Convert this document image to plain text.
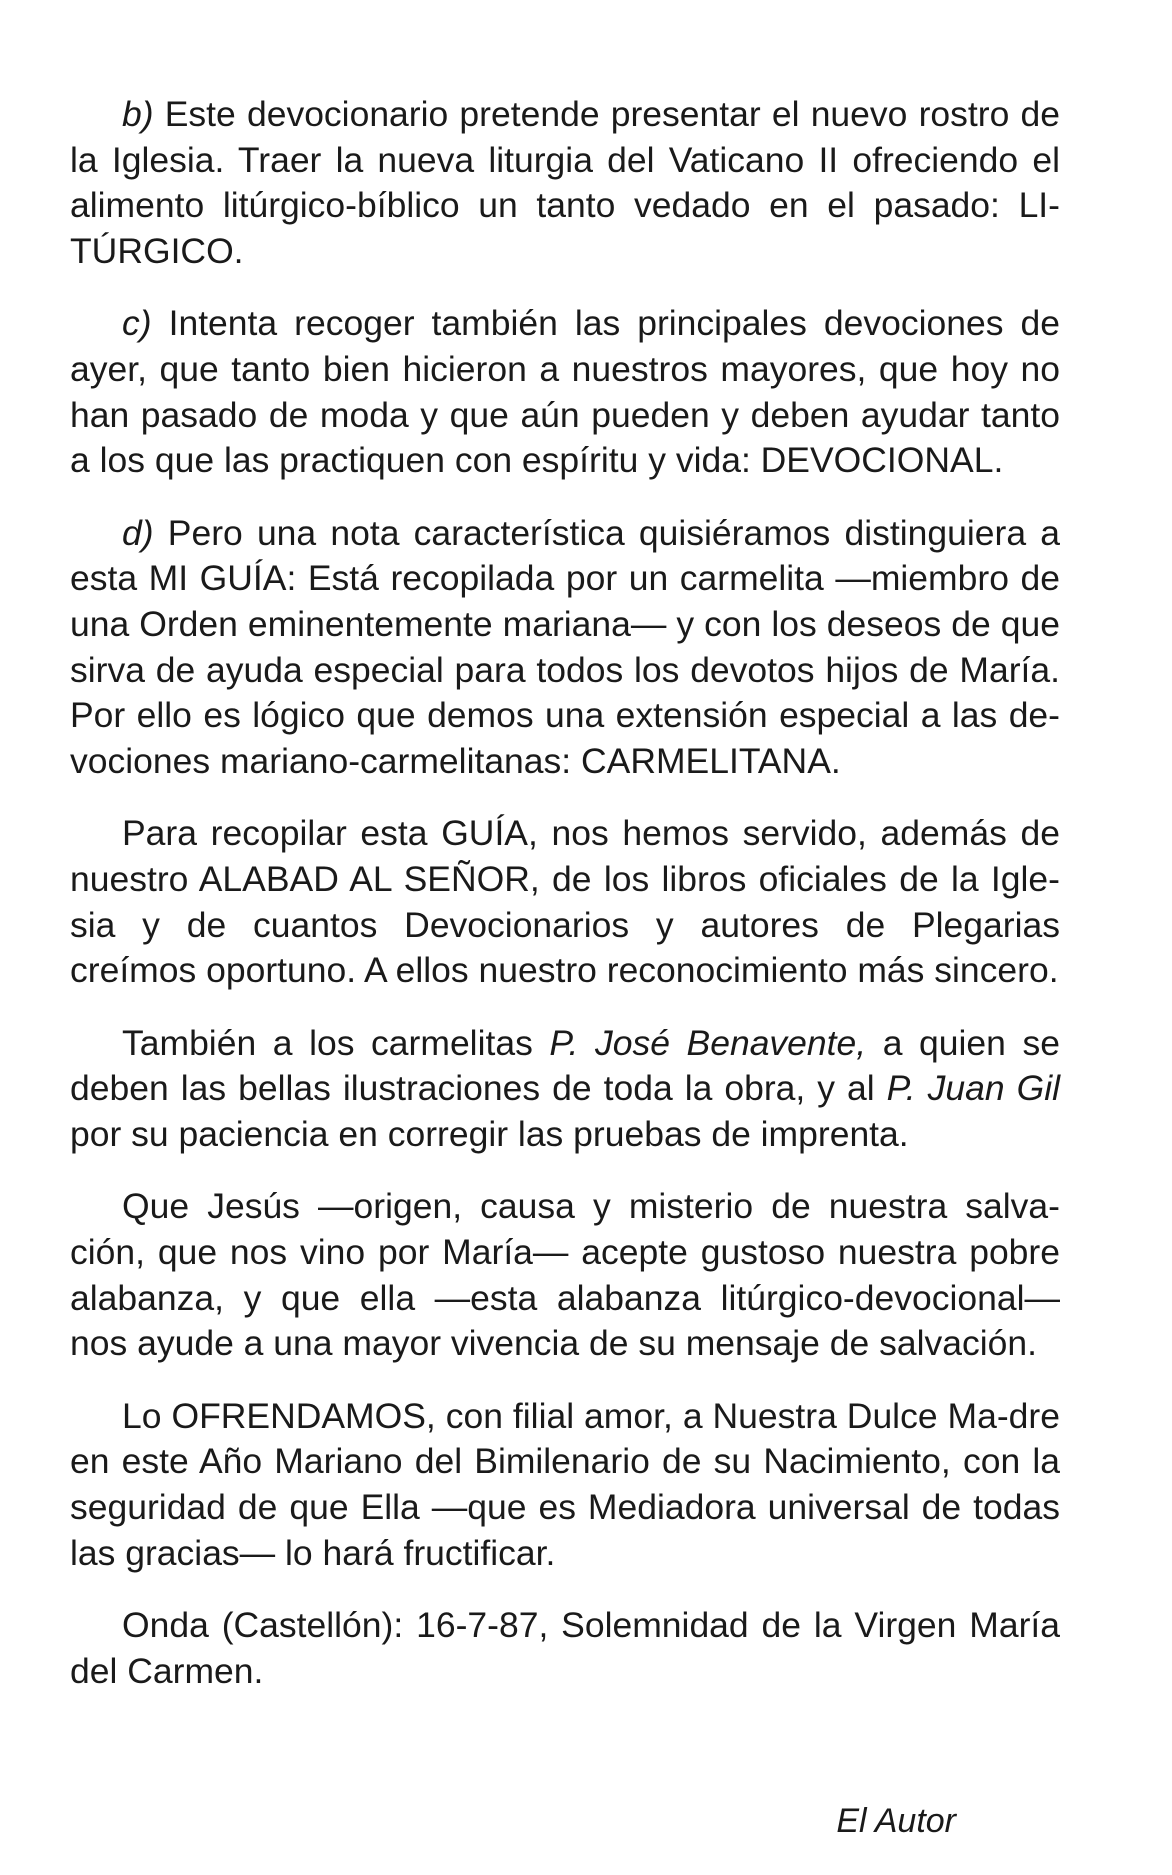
b) Este devocionario pretende presentar el nuevo rostro de la Iglesia. Traer la nueva liturgia del Vaticano II ofreciendo el alimento litúrgico-bíblico un tanto vedado en el pasado: LI-TÚRGICO.

c) Intenta recoger también las principales devociones de ayer, que tanto bien hicieron a nuestros mayores, que hoy no han pasado de moda y que aún pueden y deben ayudar tanto a los que las practiquen con espíritu y vida: DEVOCIONAL.

d) Pero una nota característica quisiéramos distinguiera a esta MI GUÍA: Está recopilada por un carmelita —miembro de una Orden eminentemente mariana— y con los deseos de que sirva de ayuda especial para todos los devotos hijos de María. Por ello es lógico que demos una extensión especial a las de-vociones mariano-carmelitanas: CARMELITANA.

Para recopilar esta GUÍA, nos hemos servido, además de nuestro ALABAD AL SEÑOR, de los libros oficiales de la Igle-sia y de cuantos Devocionarios y autores de Plegarias creímos oportuno. A ellos nuestro reconocimiento más sincero.

También a los carmelitas P. José Benavente, a quien se deben las bellas ilustraciones de toda la obra, y al P. Juan Gil por su paciencia en corregir las pruebas de imprenta.

Que Jesús —origen, causa y misterio de nuestra salva-ción, que nos vino por María— acepte gustoso nuestra pobre alabanza, y que ella —esta alabanza litúrgico-devocional— nos ayude a una mayor vivencia de su mensaje de salvación.

Lo OFRENDAMOS, con filial amor, a Nuestra Dulce Ma-dre en este Año Mariano del Bimilenario de su Nacimiento, con la seguridad de que Ella —que es Mediadora universal de todas las gracias— lo hará fructificar.

Onda (Castellón): 16-7-87, Solemnidad de la Virgen María del Carmen.

El Autor
